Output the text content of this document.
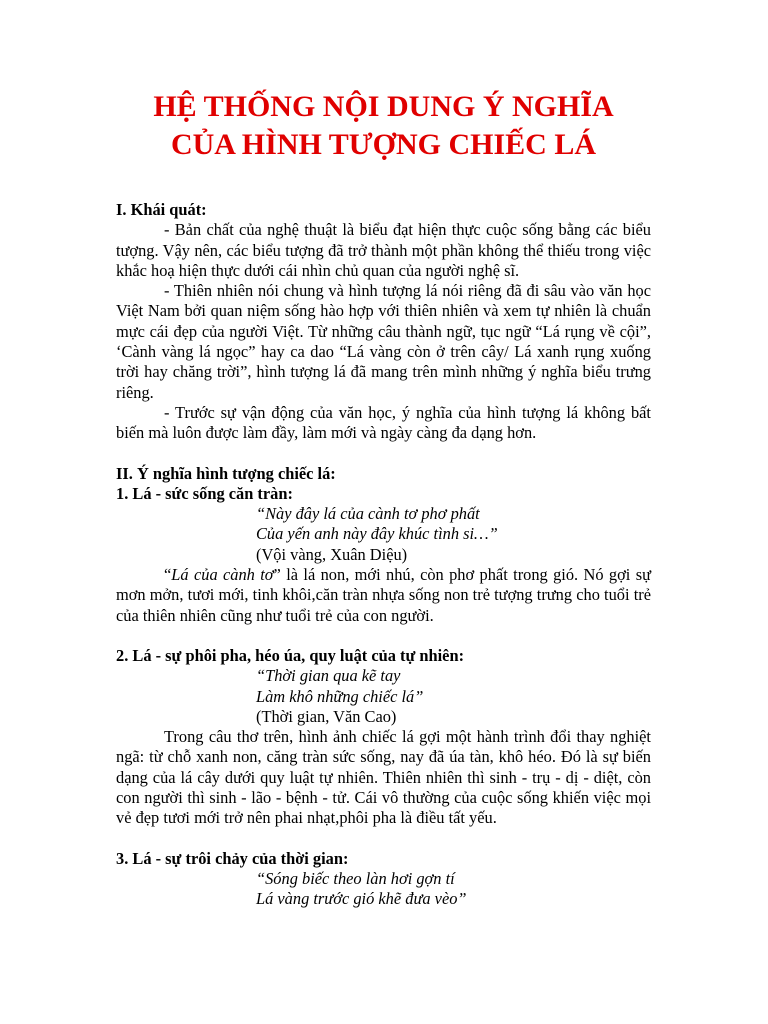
HỆ THỐNG NỘI DUNG Ý NGHĨA
CỦA HÌNH TƯỢNG CHIẾC LÁ

I. Khái quát:

- Bản chất của nghệ thuật là biểu đạt hiện thực cuộc sống bằng các biểu tượng. Vậy nên, các biểu tượng đã trở thành một phần không thể thiếu trong việc khắc hoạ hiện thực dưới cái nhìn chủ quan của người nghệ sĩ.

- Thiên nhiên nói chung và hình tượng lá nói riêng đã đi sâu vào văn học Việt Nam bởi quan niệm sống hào hợp với thiên nhiên và xem tự nhiên là chuẩn mực cái đẹp của người Việt. Từ những câu thành ngữ, tục ngữ “Lá rụng về cội”, ‘Cành vàng lá ngọc” hay ca dao “Lá vàng còn ở trên cây/ Lá xanh rụng xuống trời hay chăng trời”, hình tượng lá đã mang trên mình những ý nghĩa biểu trưng riêng.

- Trước sự vận động của văn học, ý nghĩa của hình tượng lá không bất biến mà luôn được làm đầy, làm mới và ngày càng đa dạng hơn.

II. Ý nghĩa hình tượng chiếc lá:

1. Lá - sức sống căn tràn:

“Này đây lá của cành tơ phơ phất

Của yến anh này đây khúc tình si…”

(Vội vàng, Xuân Diệu)

“Lá của cành tơ” là lá non, mới nhú, còn phơ phất trong gió. Nó gợi sự mơn mởn, tươi mới, tinh khôi,căn tràn nhựa sống non trẻ tượng trưng cho tuổi trẻ của thiên nhiên cũng như tuổi trẻ của con người.

2. Lá - sự phôi pha, héo úa, quy luật của tự nhiên:

“Thời gian qua kẽ tay

Làm khô những chiếc lá”

(Thời gian, Văn Cao)

Trong câu thơ trên, hình ảnh chiếc lá gợi một hành trình đổi thay nghiệt ngã: từ chỗ xanh non, căng tràn sức sống, nay đã úa tàn, khô héo. Đó là sự biến dạng của lá cây dưới quy luật tự nhiên. Thiên nhiên thì sinh - trụ - dị - diệt, còn con người thì sinh - lão - bệnh - tử. Cái vô thường của cuộc sống khiến việc mọi vẻ đẹp tươi mới trở nên phai nhạt,phôi pha là điều tất yếu.

3. Lá - sự trôi chảy của thời gian:

“Sóng biếc theo làn hơi gợn tí

Lá vàng trước gió khẽ đưa vèo”
